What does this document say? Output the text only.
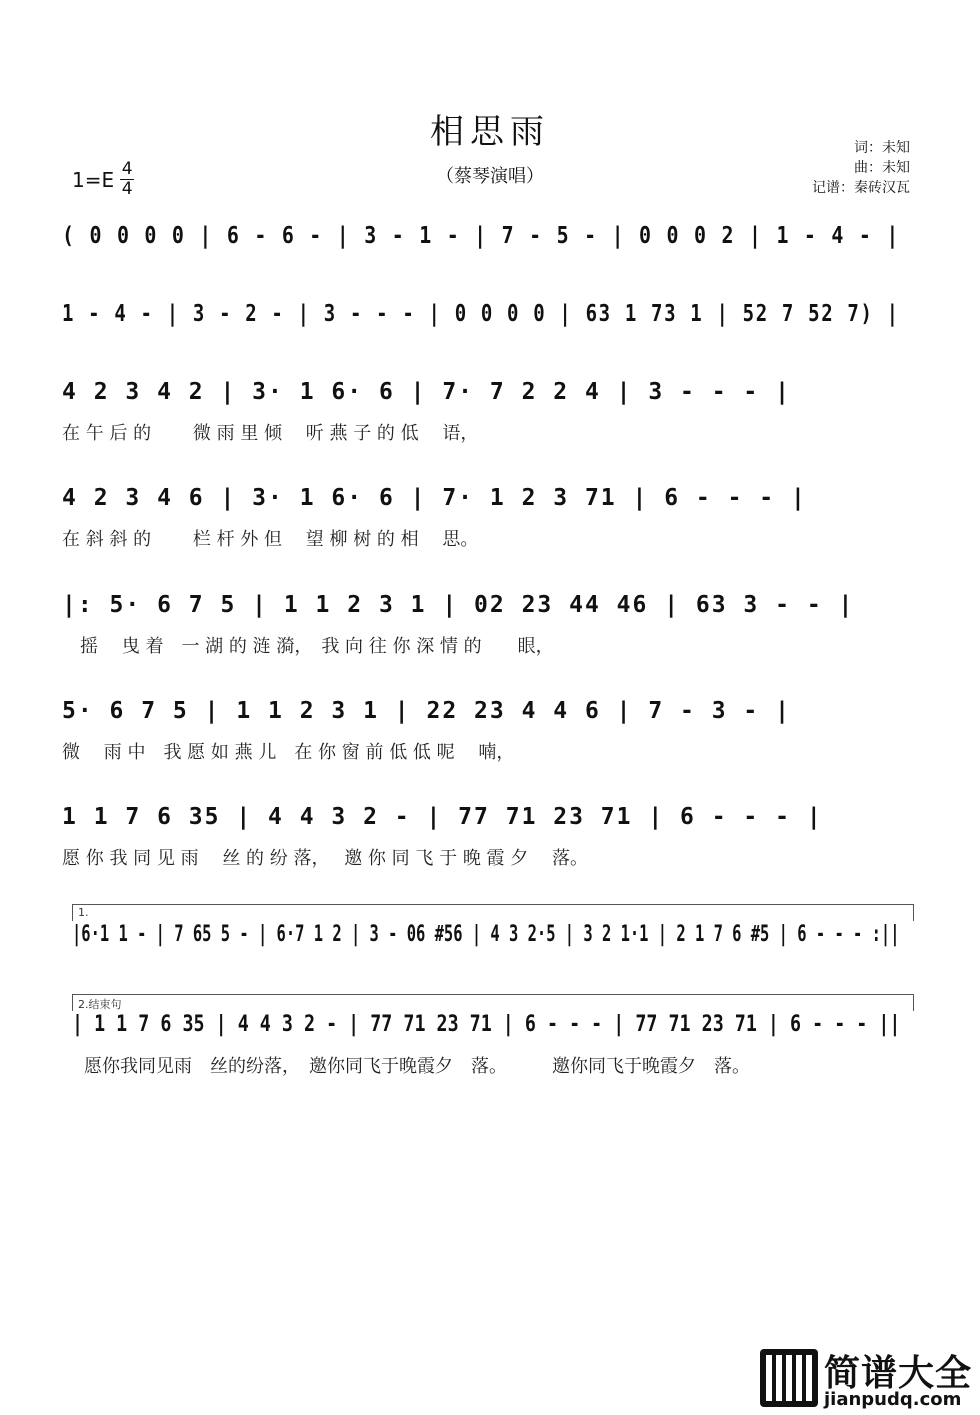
相思雨
（蔡琴演唱）
$1=E \frac{4}{4}$
词：未知
曲：未知
记谱：秦砖汉瓦
( 0 0 0 0 | 6 - 6 - | 3 - 1 - | 7 - 5 - | 0 0 0 2 | 1 - 4 - |
1 - 4 - | 3 - 2 - | 3 - - - | 0 0 0 0 | 63 1 73 1 | 52 7 52 7) |
4 2 3 4 2 | 3· 1 6· 6 | 7· 7 2 2 4 | 3 - - - |
在 午 后 的　　 微 雨 里 倾　 听 燕 子 的 低　 语，
4 2 3 4 6 | 3· 1 6· 6 | 7· 1 2 3 71 | 6 - - - |
在 斜 斜 的　　 栏 杆 外 但　 望 柳 树 的 相　 思。
|: 5· 6 7 5 | 1 1 2 3 1 | 02 23 44 46 | 63 3 - - |
　摇　 曳 着　一 湖 的 涟 漪，　我 向 往 你 深 情 的　　眼，
5· 6 7 5 | 1 1 2 3 1 | 22 23 4 4 6 | 7 - 3 - |
微　 雨 中　我 愿 如 燕 儿　在 你 窗 前 低 低 呢　 喃，
1 1 7 6 35 | 4 4 3 2 - | 77 71 23 71 | 6 - - - |
愿 你 我 同 见 雨　 丝 的 纷 落，　 邀 你 同 飞 于 晚 霞 夕　 落。
1.
|6·1 1 - | 7 65 5 - | 6·7 1 2 | 3 - 06 #56 | 4 3 2·5 | 3 2 1·1 | 2 1 7 6 #5 | 6 - - - :||
2.结束句
| 1 1 7 6 35 | 4 4 3 2 - | 77 71 23 71 | 6 - - - | 77 71 23 71 | 6 - - - ||
愿你我同见雨　丝的纷落，　邀你同飞于晚霞夕　落。　　　邀你同飞于晚霞夕　落。
简谱大全
jianpudq.com
